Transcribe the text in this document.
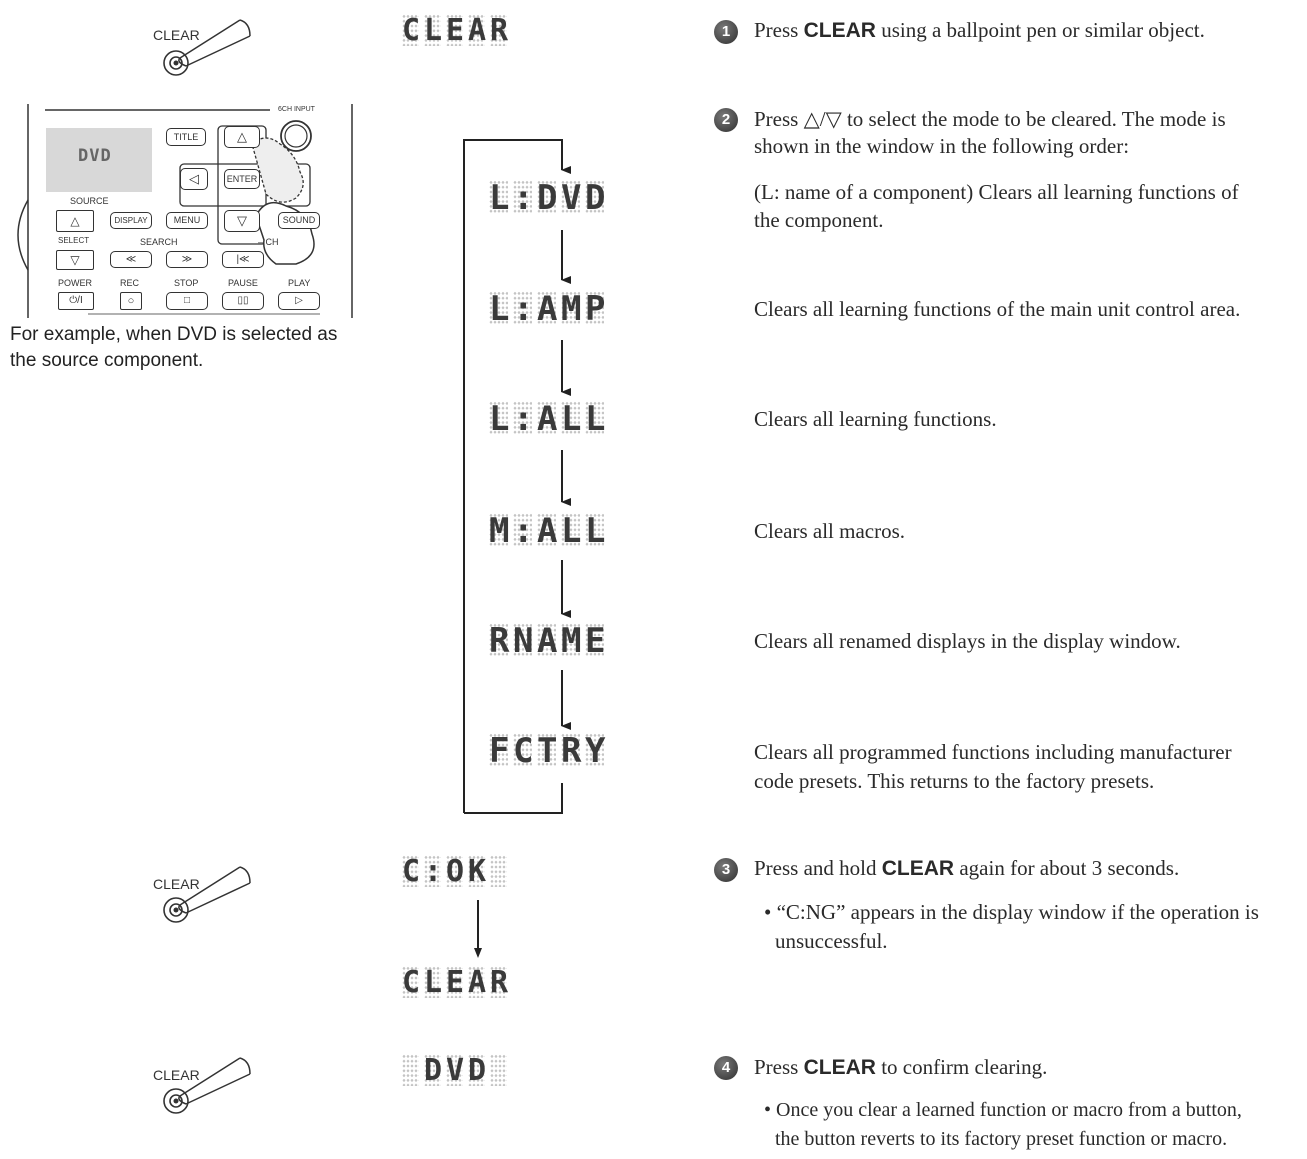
CLEAR
CLEAR
CLEAR
DVD
6CH INPUT
TITLE	△
◁	ENTER
▽
DISPLAY	MENU	SOUND
SOURCE
△
SELECT
▽
SEARCH	– CH
≪	≫	|≪
POWER	REC	STOP	PAUSE	PLAY
⏻/I	○	□	▯▯	▷
For example, when DVD is selected as
the source component.
C L E A R
L : D V D
L : A M P
L : A L L
M : A L L
R N A M E
F C T R Y
C : O K
C L E A R
D V D
1	Press CLEAR using a ballpoint pen or similar object.
2	Press △/▽ to select the mode to be cleared. The mode is
shown in the window in the following order:
(L: name of a component) Clears all learning functions of
the component.
Clears all learning functions of the main unit control area.
Clears all learning functions.
Clears all macros.
Clears all renamed displays in the display window.
Clears all programmed functions including manufacturer
code presets. This returns to the factory presets.
3	Press and hold CLEAR again for about 3 seconds.
• “C:NG” appears in the display window if the operation is
unsuccessful.
4	Press CLEAR to confirm clearing.
• Once you clear a learned function or macro from a button,
the button reverts to its factory preset function or macro.
